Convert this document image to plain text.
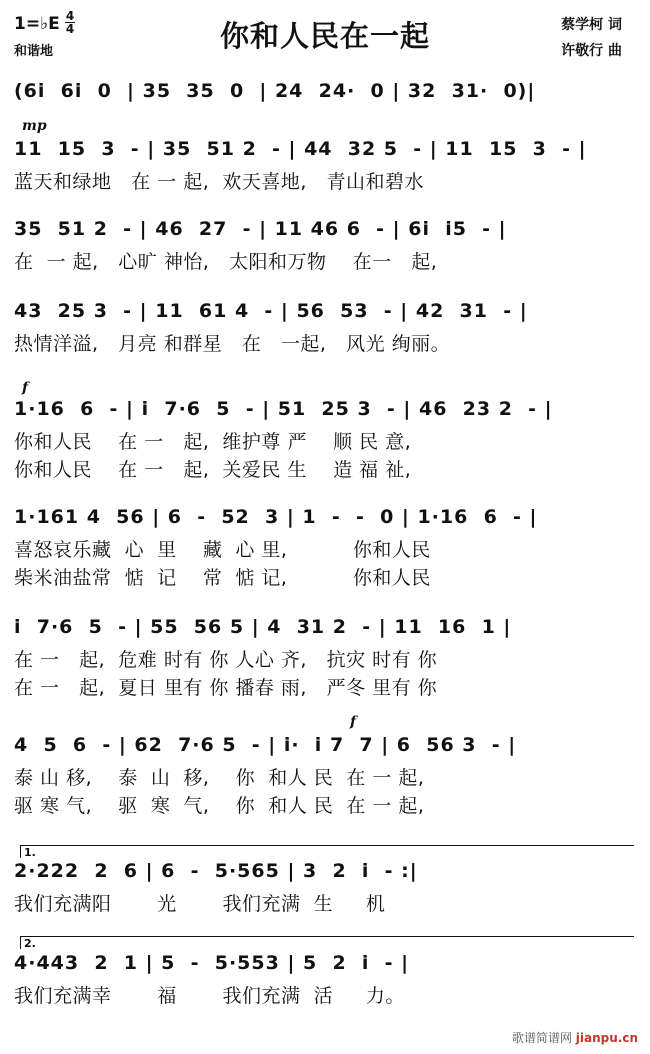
1=♭E 4
4
和谐地	你和人民在一起	蔡学柯 词
许敬行 曲
mp
f
f
1.
2.
(6i  6i  0  | 35  35  0  | 24  24·  0 | 32  31·  0)|
11  15  3  - | 35  51 2  - | 44  32 5  - | 11  15  3  - |
蓝天和绿地   在 一 起,  欢天喜地,   青山和碧水
35  51 2  - | 46  27  - | 11 46 6  - | 6i  i5  - |
在  一 起,   心旷 神怡,   太阳和万物    在一   起,
43  25 3  - | 11  61 4  - | 56  53  - | 42  31  - |
热情洋溢,   月亮 和群星   在   一起,   风光 绚丽。
1·16  6  - | i  7·6  5  - | 51  25 3  - | 46  23 2  - |
你和人民    在 一   起,  维护尊 严    顺 民 意,
你和人民    在 一   起,  关爱民 生    造 福 祉,
1·161 4  56 | 6  -  52  3 | 1  -  -  0 | 1·16  6  - |
喜怒哀乐藏  心  里    藏  心 里,          你和人民
柴米油盐常  惦  记    常  惦 记,          你和人民
i  7·6  5  - | 55  56 5 | 4  31 2  - | 11  16  1 |
在 一   起,  危难 时有 你 人心 齐,   抗灾 时有 你
在 一   起,  夏日 里有 你 播春 雨,   严冬 里有 你
4  5  6  - | 62  7·6 5  - | i·  i 7  7 | 6  56 3  - |
泰 山 移,    泰  山  移,    你  和人 民  在 一 起,
驱 寒 气,    驱  寒  气,    你  和人 民  在 一 起,
2·222  2  6 | 6  -  5·565 | 3  2  i  - :|
我们充满阳       光       我们充满  生     机
4·443  2  1 | 5  -  5·553 | 5  2  i  - |
我们充满幸       福       我们充满  活     力。
歌谱简谱网 jianpu.cn
